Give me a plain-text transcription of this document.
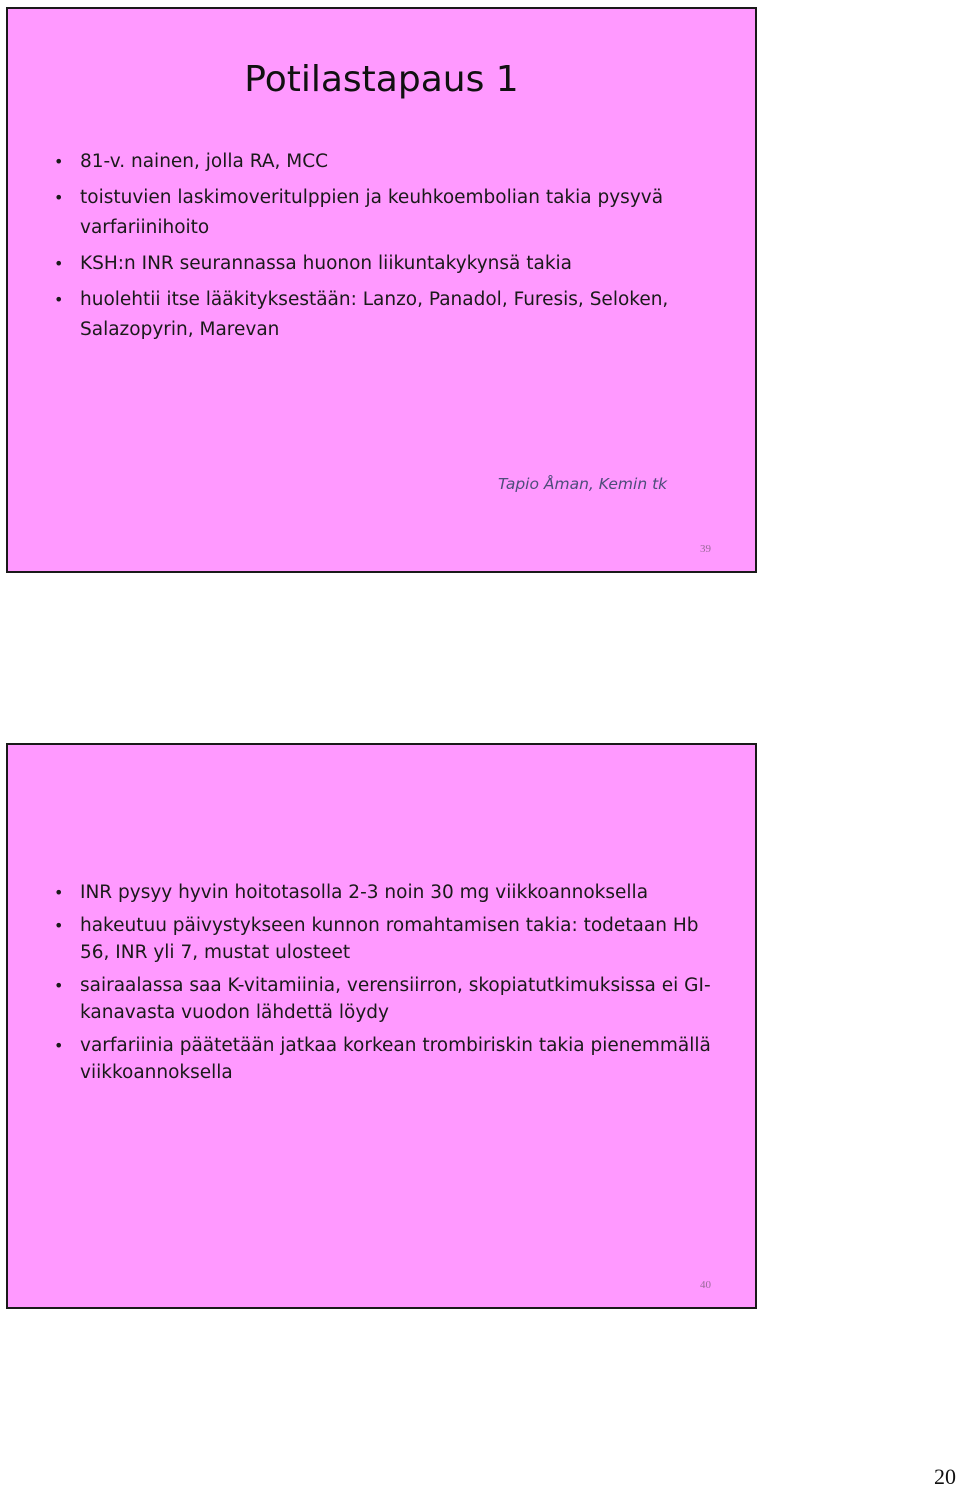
Potilastapaus 1
• 81-v. nainen, jolla RA, MCC
• toistuvien laskimoveritulppien ja keuhkoembolian takia pysyvä varfariinihoito
• KSH:n INR seurannassa huonon liikuntakykynsä takia
• huolehtii itse lääkityksestään: Lanzo, Panadol, Furesis, Seloken, Salazopyrin, Marevan
Tapio Åman, Kemin tk
39
• INR pysyy hyvin hoitotasolla 2-3 noin 30 mg viikkoannoksella
• hakeutuu päivystykseen kunnon romahtamisen takia: todetaan Hb 56, INR yli 7, mustat ulosteet
• sairaalassa saa K-vitamiinia, verensiirron, skopiatutkimuksissa ei GI-kanavasta vuodon lähdettä löydy
• varfariinia päätetään jatkaa korkean trombiriskin takia pienemmällä viikkoannoksella
40
20
